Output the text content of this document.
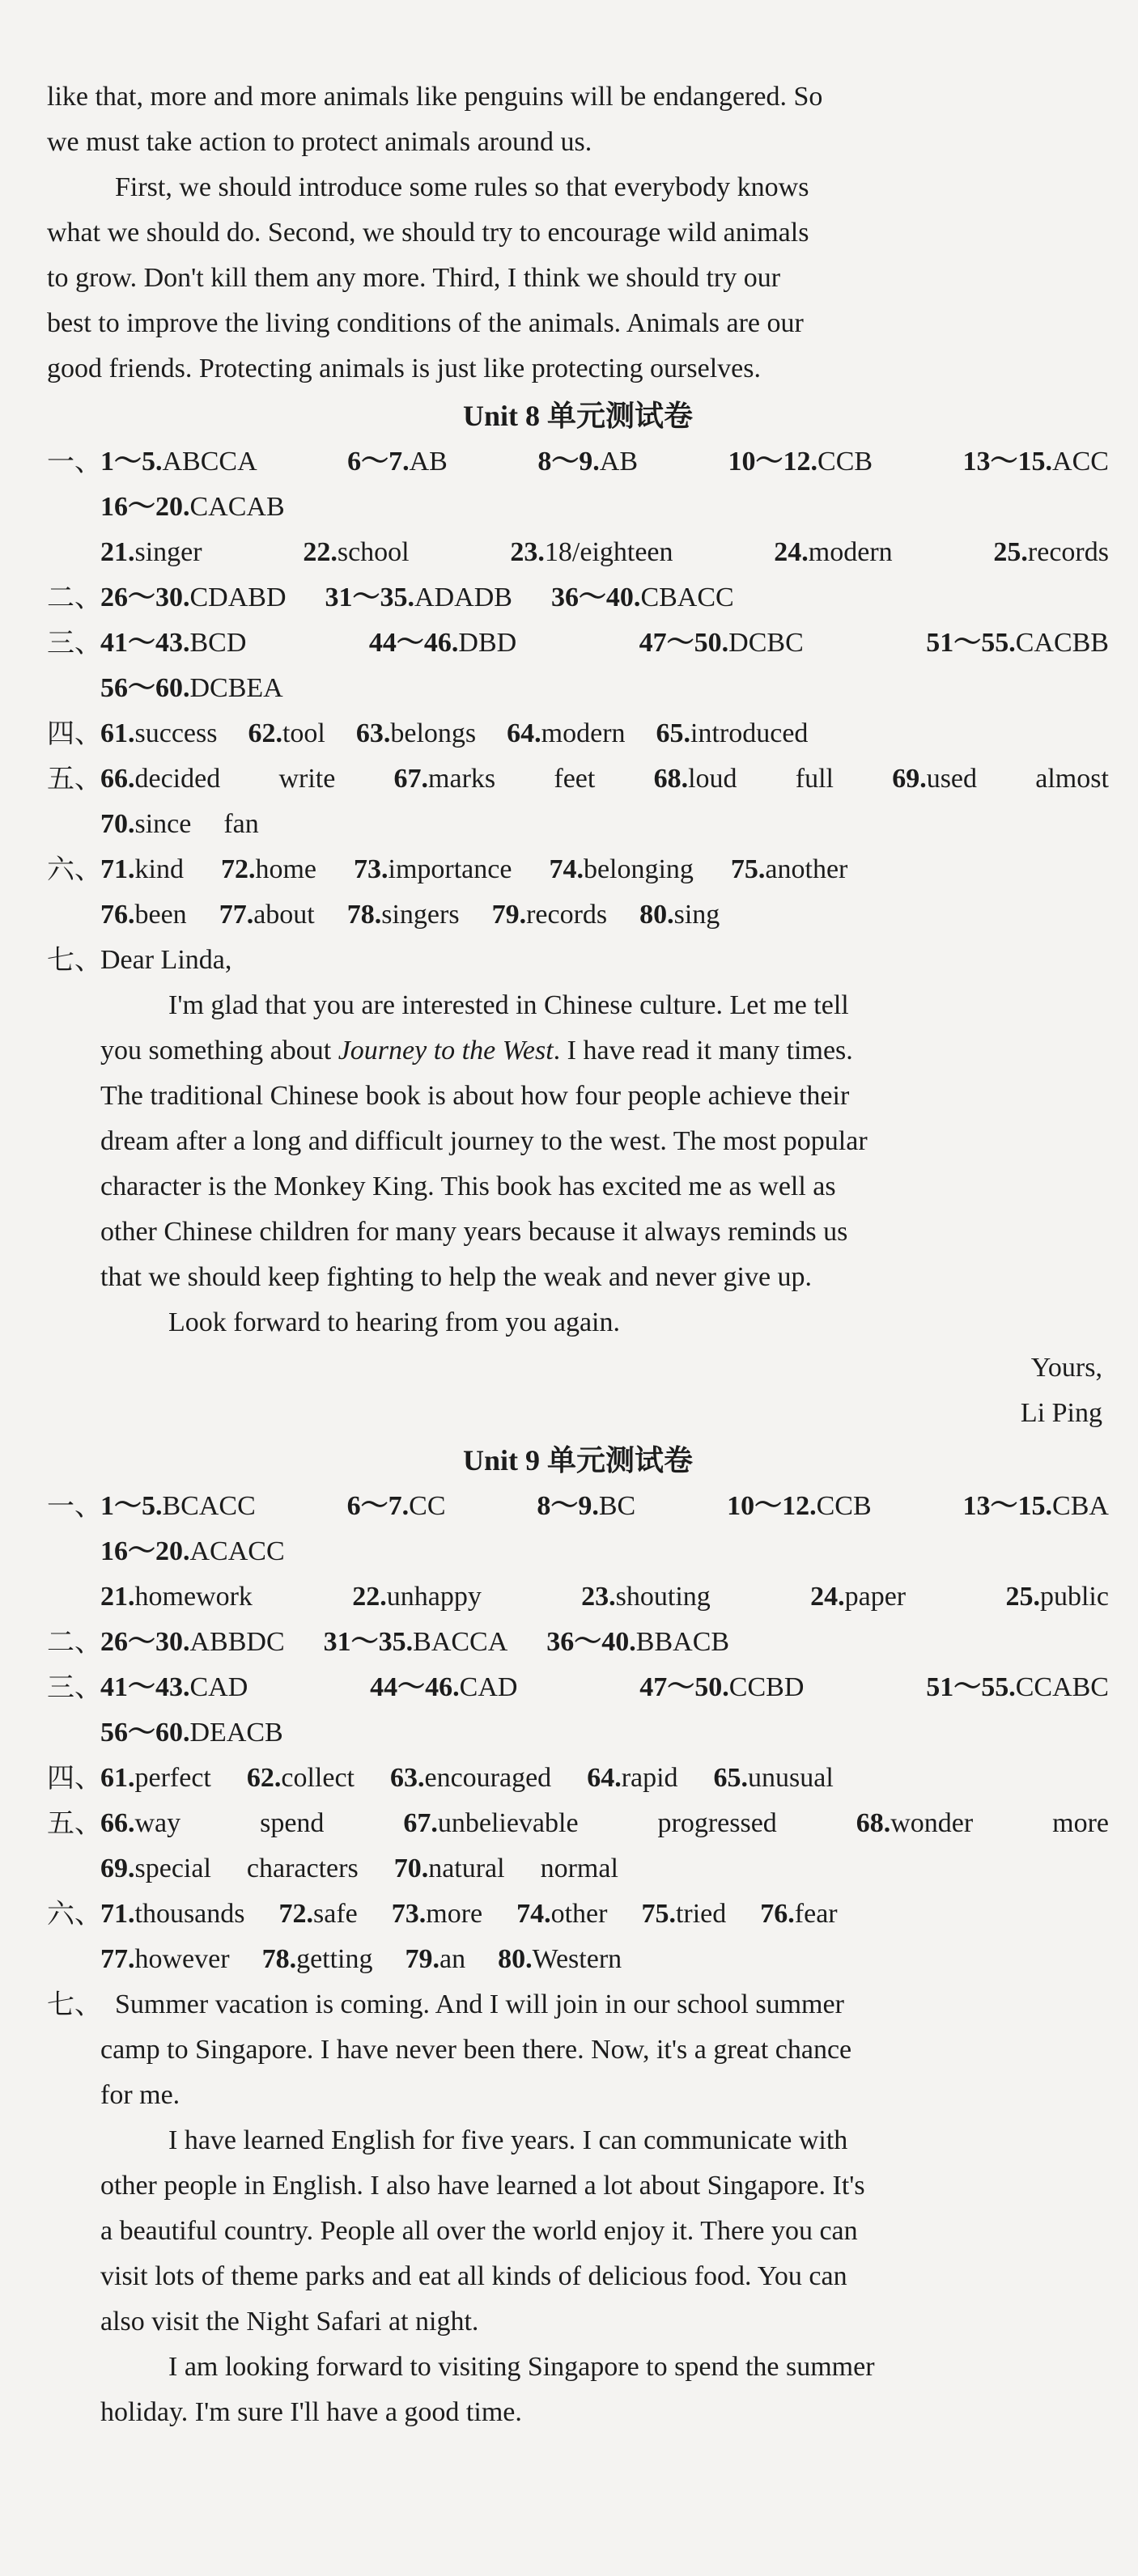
like that, more and more animals like penguins will be endangered. So
we must take action to protect animals around us.
First, we should introduce some rules so that everybody knows
what we should do. Second, we should try to encourage wild animals
to grow. Don't kill them any more. Third, I think we should try our
best to improve the living conditions of the animals. Animals are our
good friends. Protecting animals is just like protecting ourselves.
Unit 8 单元测试卷
一、
1～5.ABCCA	6～7.AB	8～9.AB	10～12.CCB	13～15.ACC
16～20.CACAB
21.singer	22.school	23.18/eighteen	24.modern	25.records
二、
26～30.CDABD 31～35.ADADB 36～40.CBACC
三、
41～43.BCD	44～46.DBD	47～50.DCBC	51～55.CACBB
56～60.DCBEA
四、
61.success 62.tool 63.belongs 64.modern 65.introduced
五、
66.decided write 67.marks feet 68.loud full 69.used almost
70.since fan
六、
71.kind 72.home 73.importance 74.belonging 75.another
76.been 77.about 78.singers 79.records 80.sing
七、
Dear Linda,

I'm glad that you are interested in Chinese culture. Let me tell

you something about Journey to the West. I have read it many times.

The traditional Chinese book is about how four people achieve their

dream after a long and difficult journey to the west. The most popular

character is the Monkey King. This book has excited me as well as

other Chinese children for many years because it always reminds us

that we should keep fighting to help the weak and never give up.

Look forward to hearing from you again.

Yours,

Li Ping

Unit 9 单元测试卷
一、
1～5.BCACC	6～7.CC	8～9.BC	10～12.CCB	13～15.CBA
16～20.ACACC
21.homework	22.unhappy	23.shouting	24.paper	25.public
二、
26～30.ABBDC 31～35.BACCA 36～40.BBACB
三、
41～43.CAD	44～46.CAD	47～50.CCBD	51～55.CCABC
56～60.DEACB
四、
61.perfect 62.collect 63.encouraged 64.rapid 65.unusual
五、
66.way	spend	67.unbelievable	progressed	68.wonder	more
69.special characters 70.natural normal
六、
71.thousands 72.safe 73.more 74.other 75.tried 76.fear
77.however 78.getting 79.an 80.Western
七、 Summer vacation is coming. And I will join in our school summer

camp to Singapore. I have never been there. Now, it's a great chance

for me.

I have learned English for five years. I can communicate with

other people in English. I also have learned a lot about Singapore. It's

a beautiful country. People all over the world enjoy it. There you can

visit lots of theme parks and eat all kinds of delicious food. You can

also visit the Night Safari at night.

I am looking forward to visiting Singapore to spend the summer

holiday. I'm sure I'll have a good time.
